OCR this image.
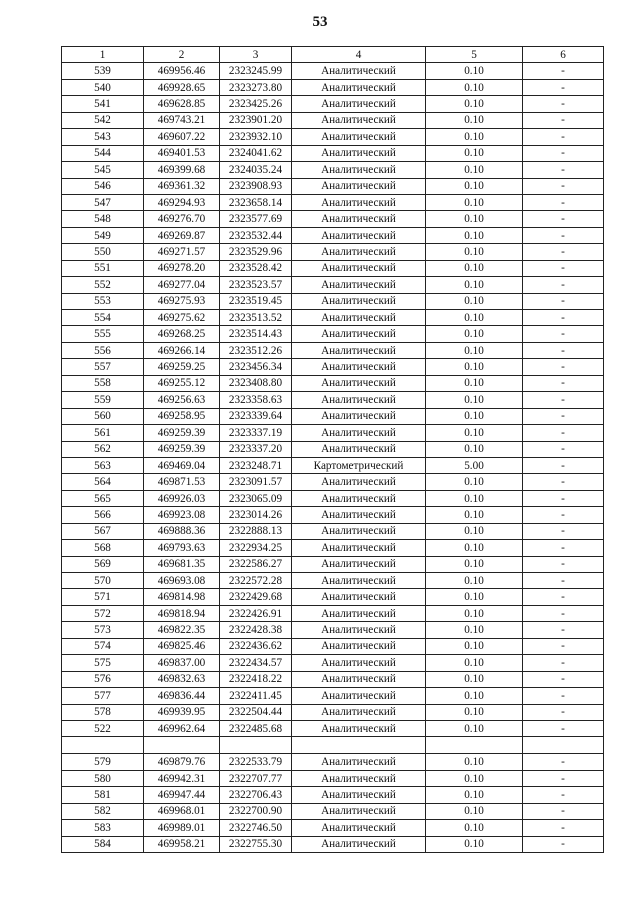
53
1	2	3	4	5	6
539	469956.46	2323245.99	Аналитический	0.10	-
540	469928.65	2323273.80	Аналитический	0.10	-
541	469628.85	2323425.26	Аналитический	0.10	-
542	469743.21	2323901.20	Аналитический	0.10	-
543	469607.22	2323932.10	Аналитический	0.10	-
544	469401.53	2324041.62	Аналитический	0.10	-
545	469399.68	2324035.24	Аналитический	0.10	-
546	469361.32	2323908.93	Аналитический	0.10	-
547	469294.93	2323658.14	Аналитический	0.10	-
548	469276.70	2323577.69	Аналитический	0.10	-
549	469269.87	2323532.44	Аналитический	0.10	-
550	469271.57	2323529.96	Аналитический	0.10	-
551	469278.20	2323528.42	Аналитический	0.10	-
552	469277.04	2323523.57	Аналитический	0.10	-
553	469275.93	2323519.45	Аналитический	0.10	-
554	469275.62	2323513.52	Аналитический	0.10	-
555	469268.25	2323514.43	Аналитический	0.10	-
556	469266.14	2323512.26	Аналитический	0.10	-
557	469259.25	2323456.34	Аналитический	0.10	-
558	469255.12	2323408.80	Аналитический	0.10	-
559	469256.63	2323358.63	Аналитический	0.10	-
560	469258.95	2323339.64	Аналитический	0.10	-
561	469259.39	2323337.19	Аналитический	0.10	-
562	469259.39	2323337.20	Аналитический	0.10	-
563	469469.04	2323248.71	Картометрический	5.00	-
564	469871.53	2323091.57	Аналитический	0.10	-
565	469926.03	2323065.09	Аналитический	0.10	-
566	469923.08	2323014.26	Аналитический	0.10	-
567	469888.36	2322888.13	Аналитический	0.10	-
568	469793.63	2322934.25	Аналитический	0.10	-
569	469681.35	2322586.27	Аналитический	0.10	-
570	469693.08	2322572.28	Аналитический	0.10	-
571	469814.98	2322429.68	Аналитический	0.10	-
572	469818.94	2322426.91	Аналитический	0.10	-
573	469822.35	2322428.38	Аналитический	0.10	-
574	469825.46	2322436.62	Аналитический	0.10	-
575	469837.00	2322434.57	Аналитический	0.10	-
576	469832.63	2322418.22	Аналитический	0.10	-
577	469836.44	2322411.45	Аналитический	0.10	-
578	469939.95	2322504.44	Аналитический	0.10	-
522	469962.64	2322485.68	Аналитический	0.10	-

579	469879.76	2322533.79	Аналитический	0.10	-
580	469942.31	2322707.77	Аналитический	0.10	-
581	469947.44	2322706.43	Аналитический	0.10	-
582	469968.01	2322700.90	Аналитический	0.10	-
583	469989.01	2322746.50	Аналитический	0.10	-
584	469958.21	2322755.30	Аналитический	0.10	-
